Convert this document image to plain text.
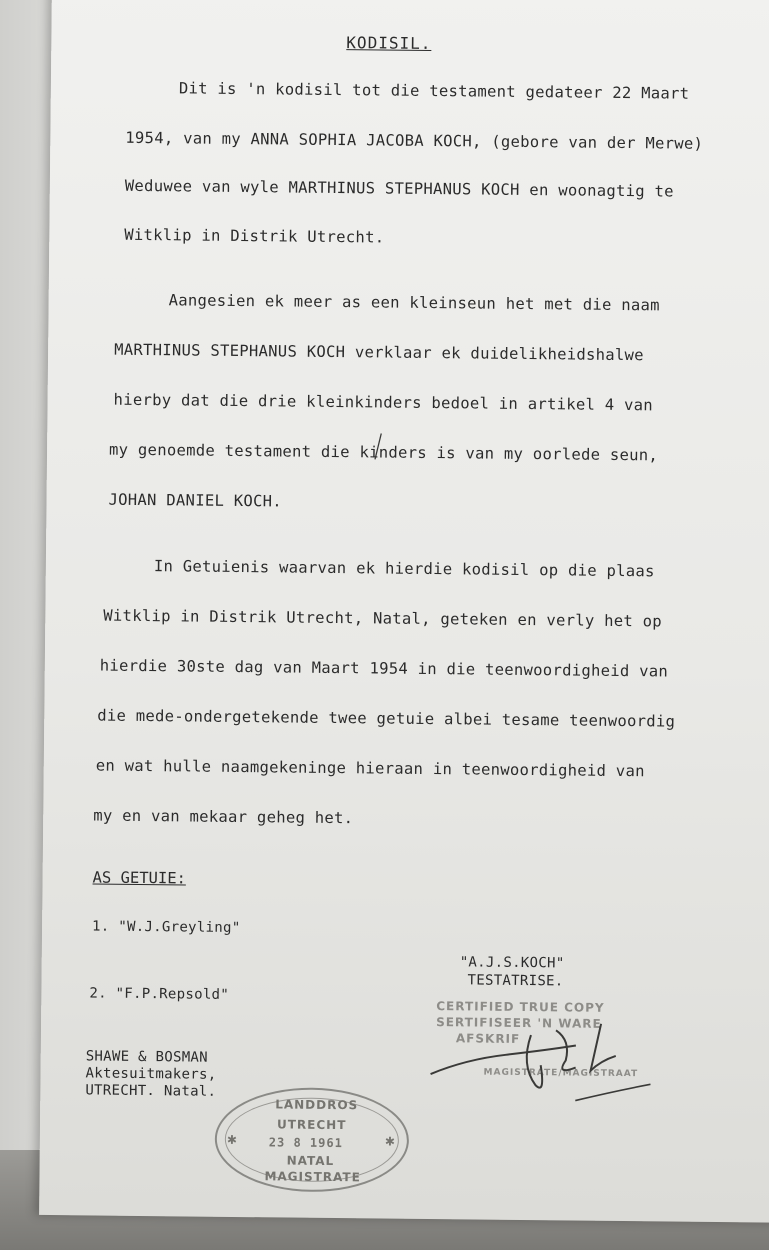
KODISIL.
Dit is 'n kodisil tot die testament gedateer 22 Maart
1954, van my ANNA SOPHIA JACOBA KOCH, (gebore van der Merwe)
Weduwee van wyle MARTHINUS STEPHANUS KOCH en woonagtig te
Witklip in Distrik Utrecht.
Aangesien ek meer as een kleinseun het met die naam
MARTHINUS STEPHANUS KOCH verklaar ek duidelikheidshalwe
hierby dat die drie kleinkinders bedoel in artikel 4 van
my genoemde testament die kinders is van my oorlede seun,
JOHAN DANIEL KOCH.
In Getuienis waarvan ek hierdie kodisil op die plaas
Witklip in Distrik Utrecht, Natal, geteken en verly het op
hierdie 30ste dag van Maart 1954 in die teenwoordigheid van
die mede-ondergetekende twee getuie albei tesame teenwoordig
en wat hulle naamgekeninge hieraan in teenwoordigheid van
my en van mekaar geheg het.
AS GETUIE:
1. "W.J.Greyling"
2. "F.P.Repsold"
"A.J.S.KOCH"
TESTATRISE.
SHAWE & BOSMAN
Aktesuitmakers,
UTRECHT. Natal.
CERTIFIED TRUE COPY
SERTIFISEER 'N WARE
AFSKRIF
MAGISTRATE/MAGISTRAAT
LANDDROS
UTRECHT
23 8 1961
NATAL
MAGISTRATE
✱	✱
